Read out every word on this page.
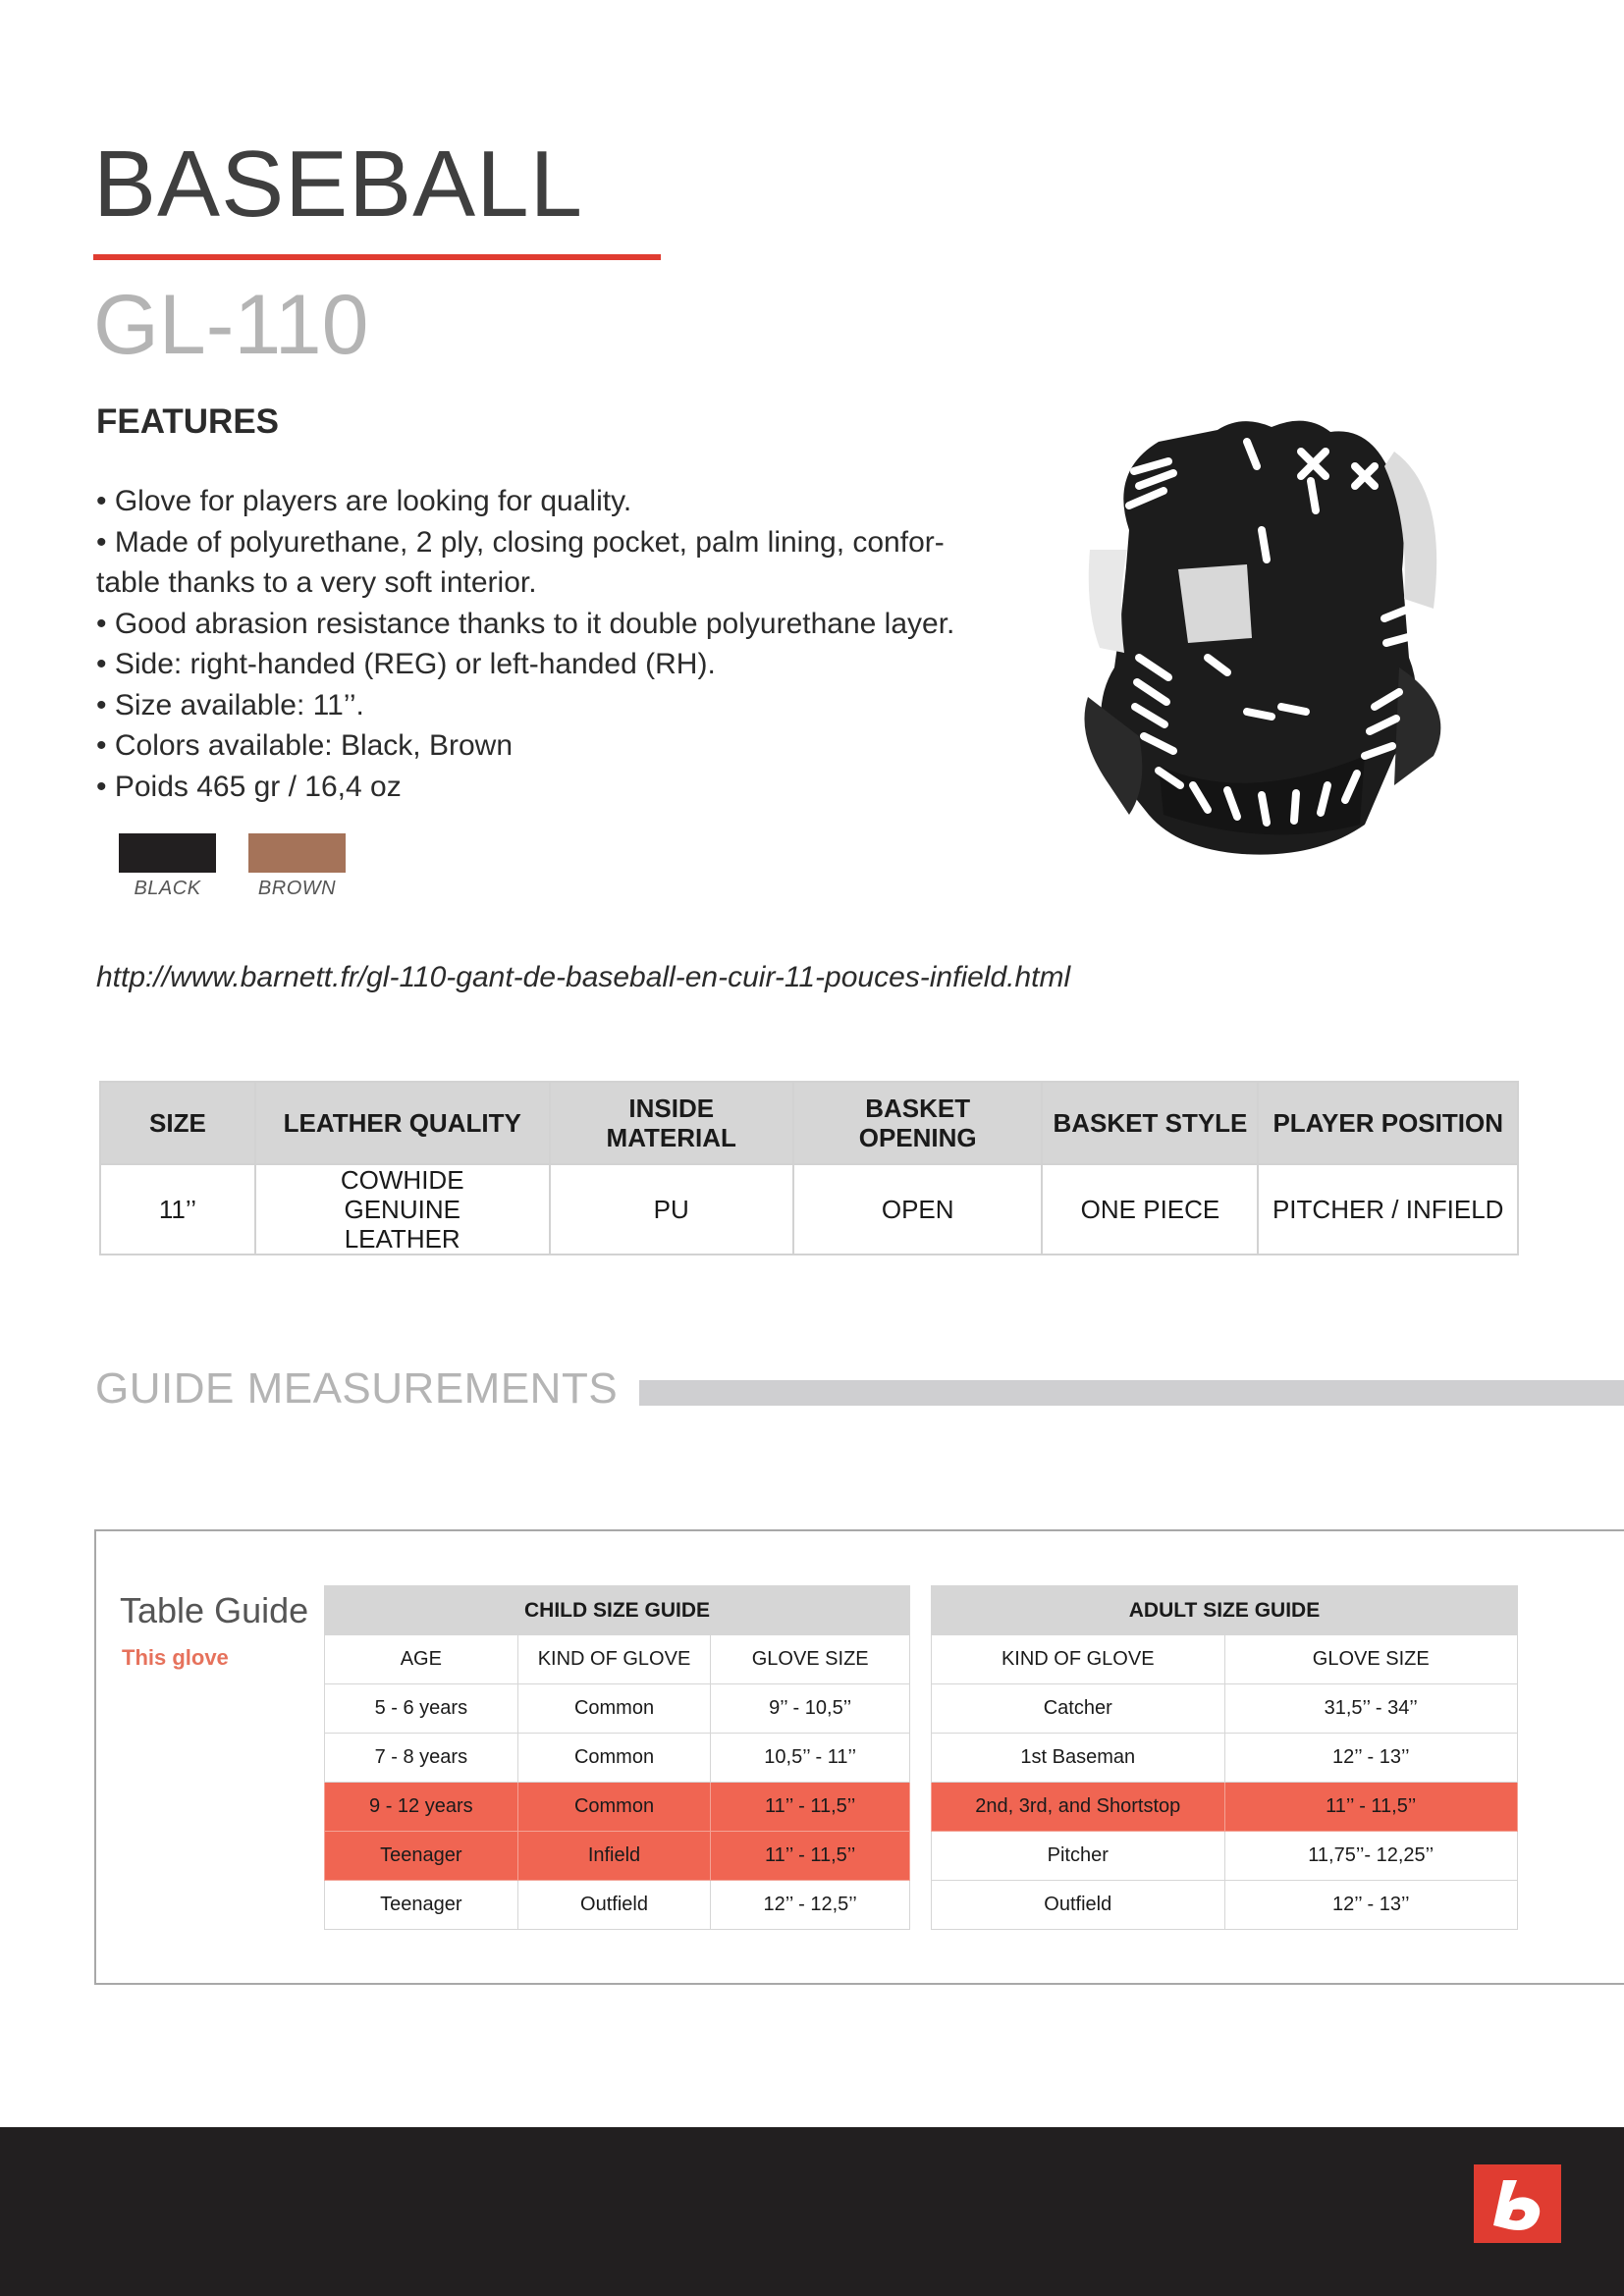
BASEBALL
GL-110
FEATURES
• Glove for players are looking for quality.
• Made of polyurethane, 2 ply, closing pocket, palm lining, confor-
table thanks to a very soft interior.
• Good abrasion resistance thanks to it double polyurethane layer.
• Side: right-handed (REG) or left-handed (RH).
• Size available: 11’’.
• Colors available: Black, Brown
• Poids 465 gr / 16,4 oz
BLACK	BROWN
http://www.barnett.fr/gl-110-gant-de-baseball-en-cuir-11-pouces-infield.html
SIZE	LEATHER QUALITY	INSIDE MATERIAL	BASKET OPENING	BASKET STYLE	PLAYER POSITION
11’’	COWHIDE GENUINE LEATHER	PU	OPEN	ONE PIECE	PITCHER / INFIELD
GUIDE MEASUREMENTS
Table Guide
This glove
CHILD SIZE GUIDE		
AGE	KIND OF GLOVE	GLOVE SIZE
5 - 6 years	Common	9’’ - 10,5’’
7 - 8 years	Common	10,5’’ - 11’’
9 - 12 years	Common	11’’ - 11,5’’
Teenager	Infield	11’’ - 11,5’’
Teenager	Outfield	12’’ - 12,5’’
ADULT SIZE GUIDE	
KIND OF GLOVE	GLOVE SIZE
Catcher	31,5’’ - 34’’
1st Baseman	12’’ - 13’’
2nd, 3rd, and Shortstop	11’’ - 11,5’’
Pitcher	11,75’’- 12,25’’
Outfield	12’’ - 13’’
